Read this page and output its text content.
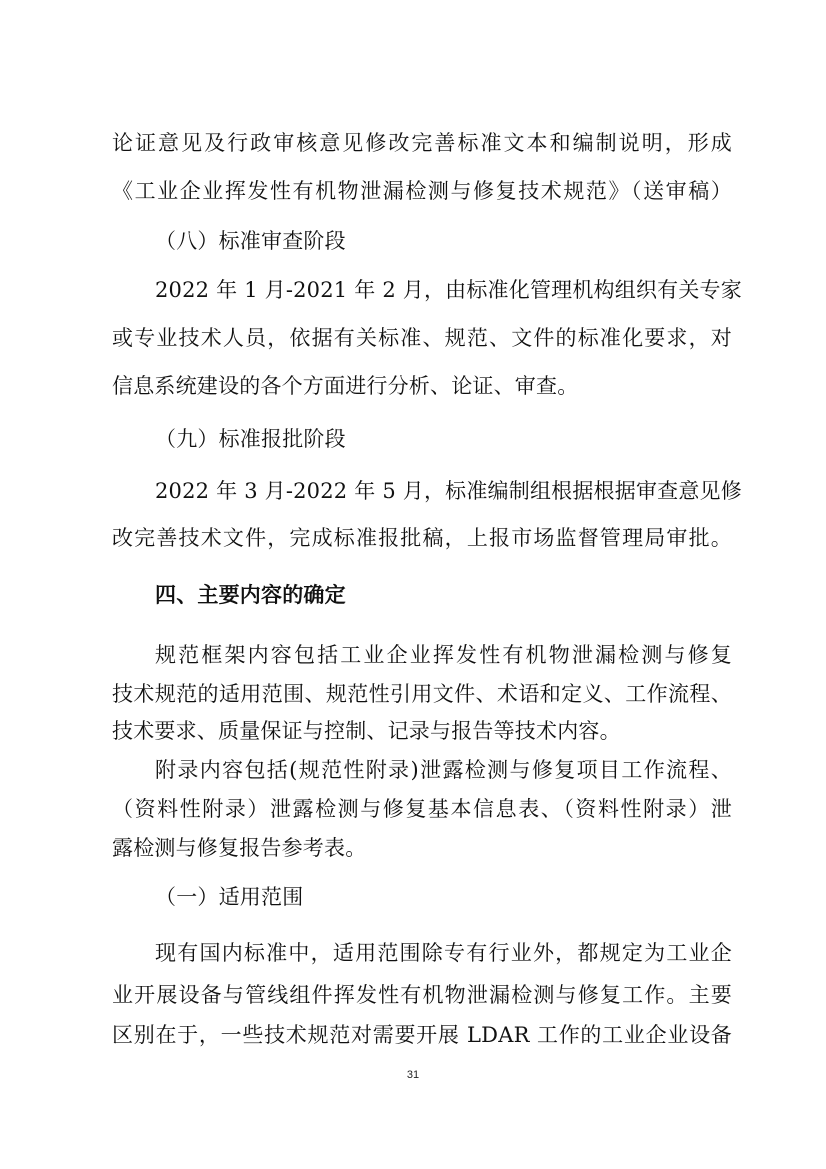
论证意见及行政审核意见修改完善标准文本和编制说明，形成
《工业企业挥发性有机物泄漏检测与修复技术规范》（送审稿）
（八）标准审查阶段
2022 年 1 月-2021 年 2 月，由标准化管理机构组织有关专家
或专业技术人员，依据有关标准、规范、文件的标准化要求，对
信息系统建设的各个方面进行分析、论证、审查。
（九）标准报批阶段
2022 年 3 月-2022 年 5 月，标准编制组根据根据审查意见修
改完善技术文件，完成标准报批稿，上报市场监督管理局审批。
四、主要内容的确定
规范框架内容包括工业企业挥发性有机物泄漏检测与修复
技术规范的适用范围、规范性引用文件、术语和定义、工作流程、
技术要求、质量保证与控制、记录与报告等技术内容。
附录内容包括(规范性附录)泄露检测与修复项目工作流程、
（资料性附录）泄露检测与修复基本信息表、（资料性附录）泄
露检测与修复报告参考表。
（一）适用范围
现有国内标准中，适用范围除专有行业外，都规定为工业企
业开展设备与管线组件挥发性有机物泄漏检测与修复工作。主要
区别在于，一些技术规范对需要开展 LDAR 工作的工业企业设备
31
